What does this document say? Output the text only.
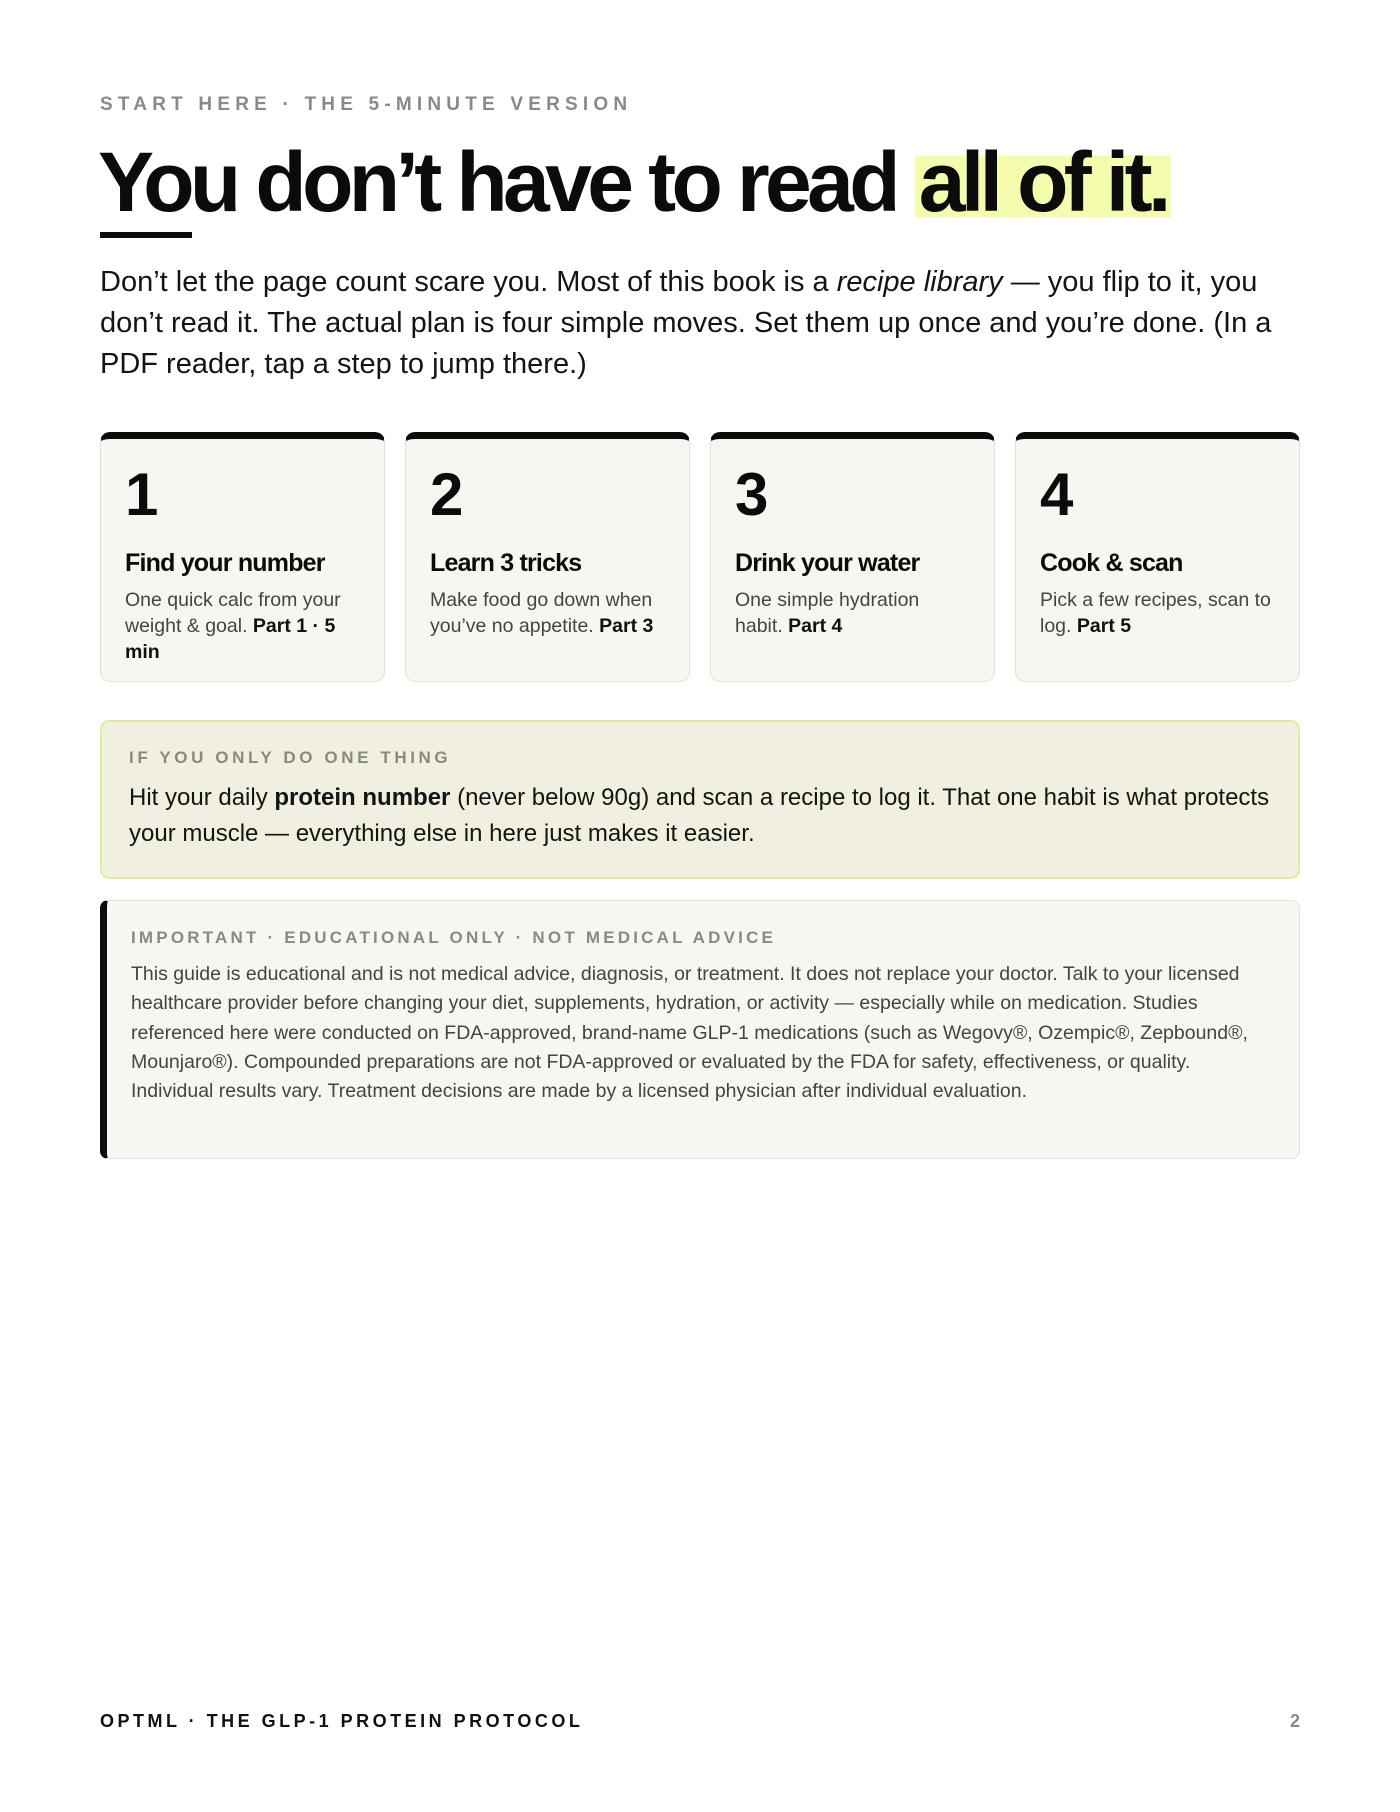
START HERE · THE 5-MINUTE VERSION
You don’t have to read all of it.

Don’t let the page count scare you. Most of this book is a recipe library — you flip to it, you don’t read it. The actual plan is four simple moves. Set them up once and you’re done. (In a PDF reader, tap a step to jump there.)

1
Find your number
One quick calc from your weight & goal. Part 1 · 5 min
2
Learn 3 tricks
Make food go down when you’ve no appetite. Part 3
3
Drink your water
One simple hydration habit. Part 4
4
Cook & scan
Pick a few recipes, scan to log. Part 5
IF YOU ONLY DO ONE THING

Hit your daily protein number (never below 90g) and scan a recipe to log it. That one habit is what protects your muscle — everything else in here just makes it easier.

IMPORTANT · EDUCATIONAL ONLY · NOT MEDICAL ADVICE

This guide is educational and is not medical advice, diagnosis, or treatment. It does not replace your doctor. Talk to your licensed healthcare provider before changing your diet, supplements, hydration, or activity — especially while on medication. Studies referenced here were conducted on FDA-approved, brand-name GLP-1 medications (such as Wegovy®, Ozempic®, Zepbound®, Mounjaro®). Compounded preparations are not FDA-approved or evaluated by the FDA for safety, effectiveness, or quality. Individual results vary. Treatment decisions are made by a licensed physician after individual evaluation.

OPTML · THE GLP-1 PROTEIN PROTOCOL	2
